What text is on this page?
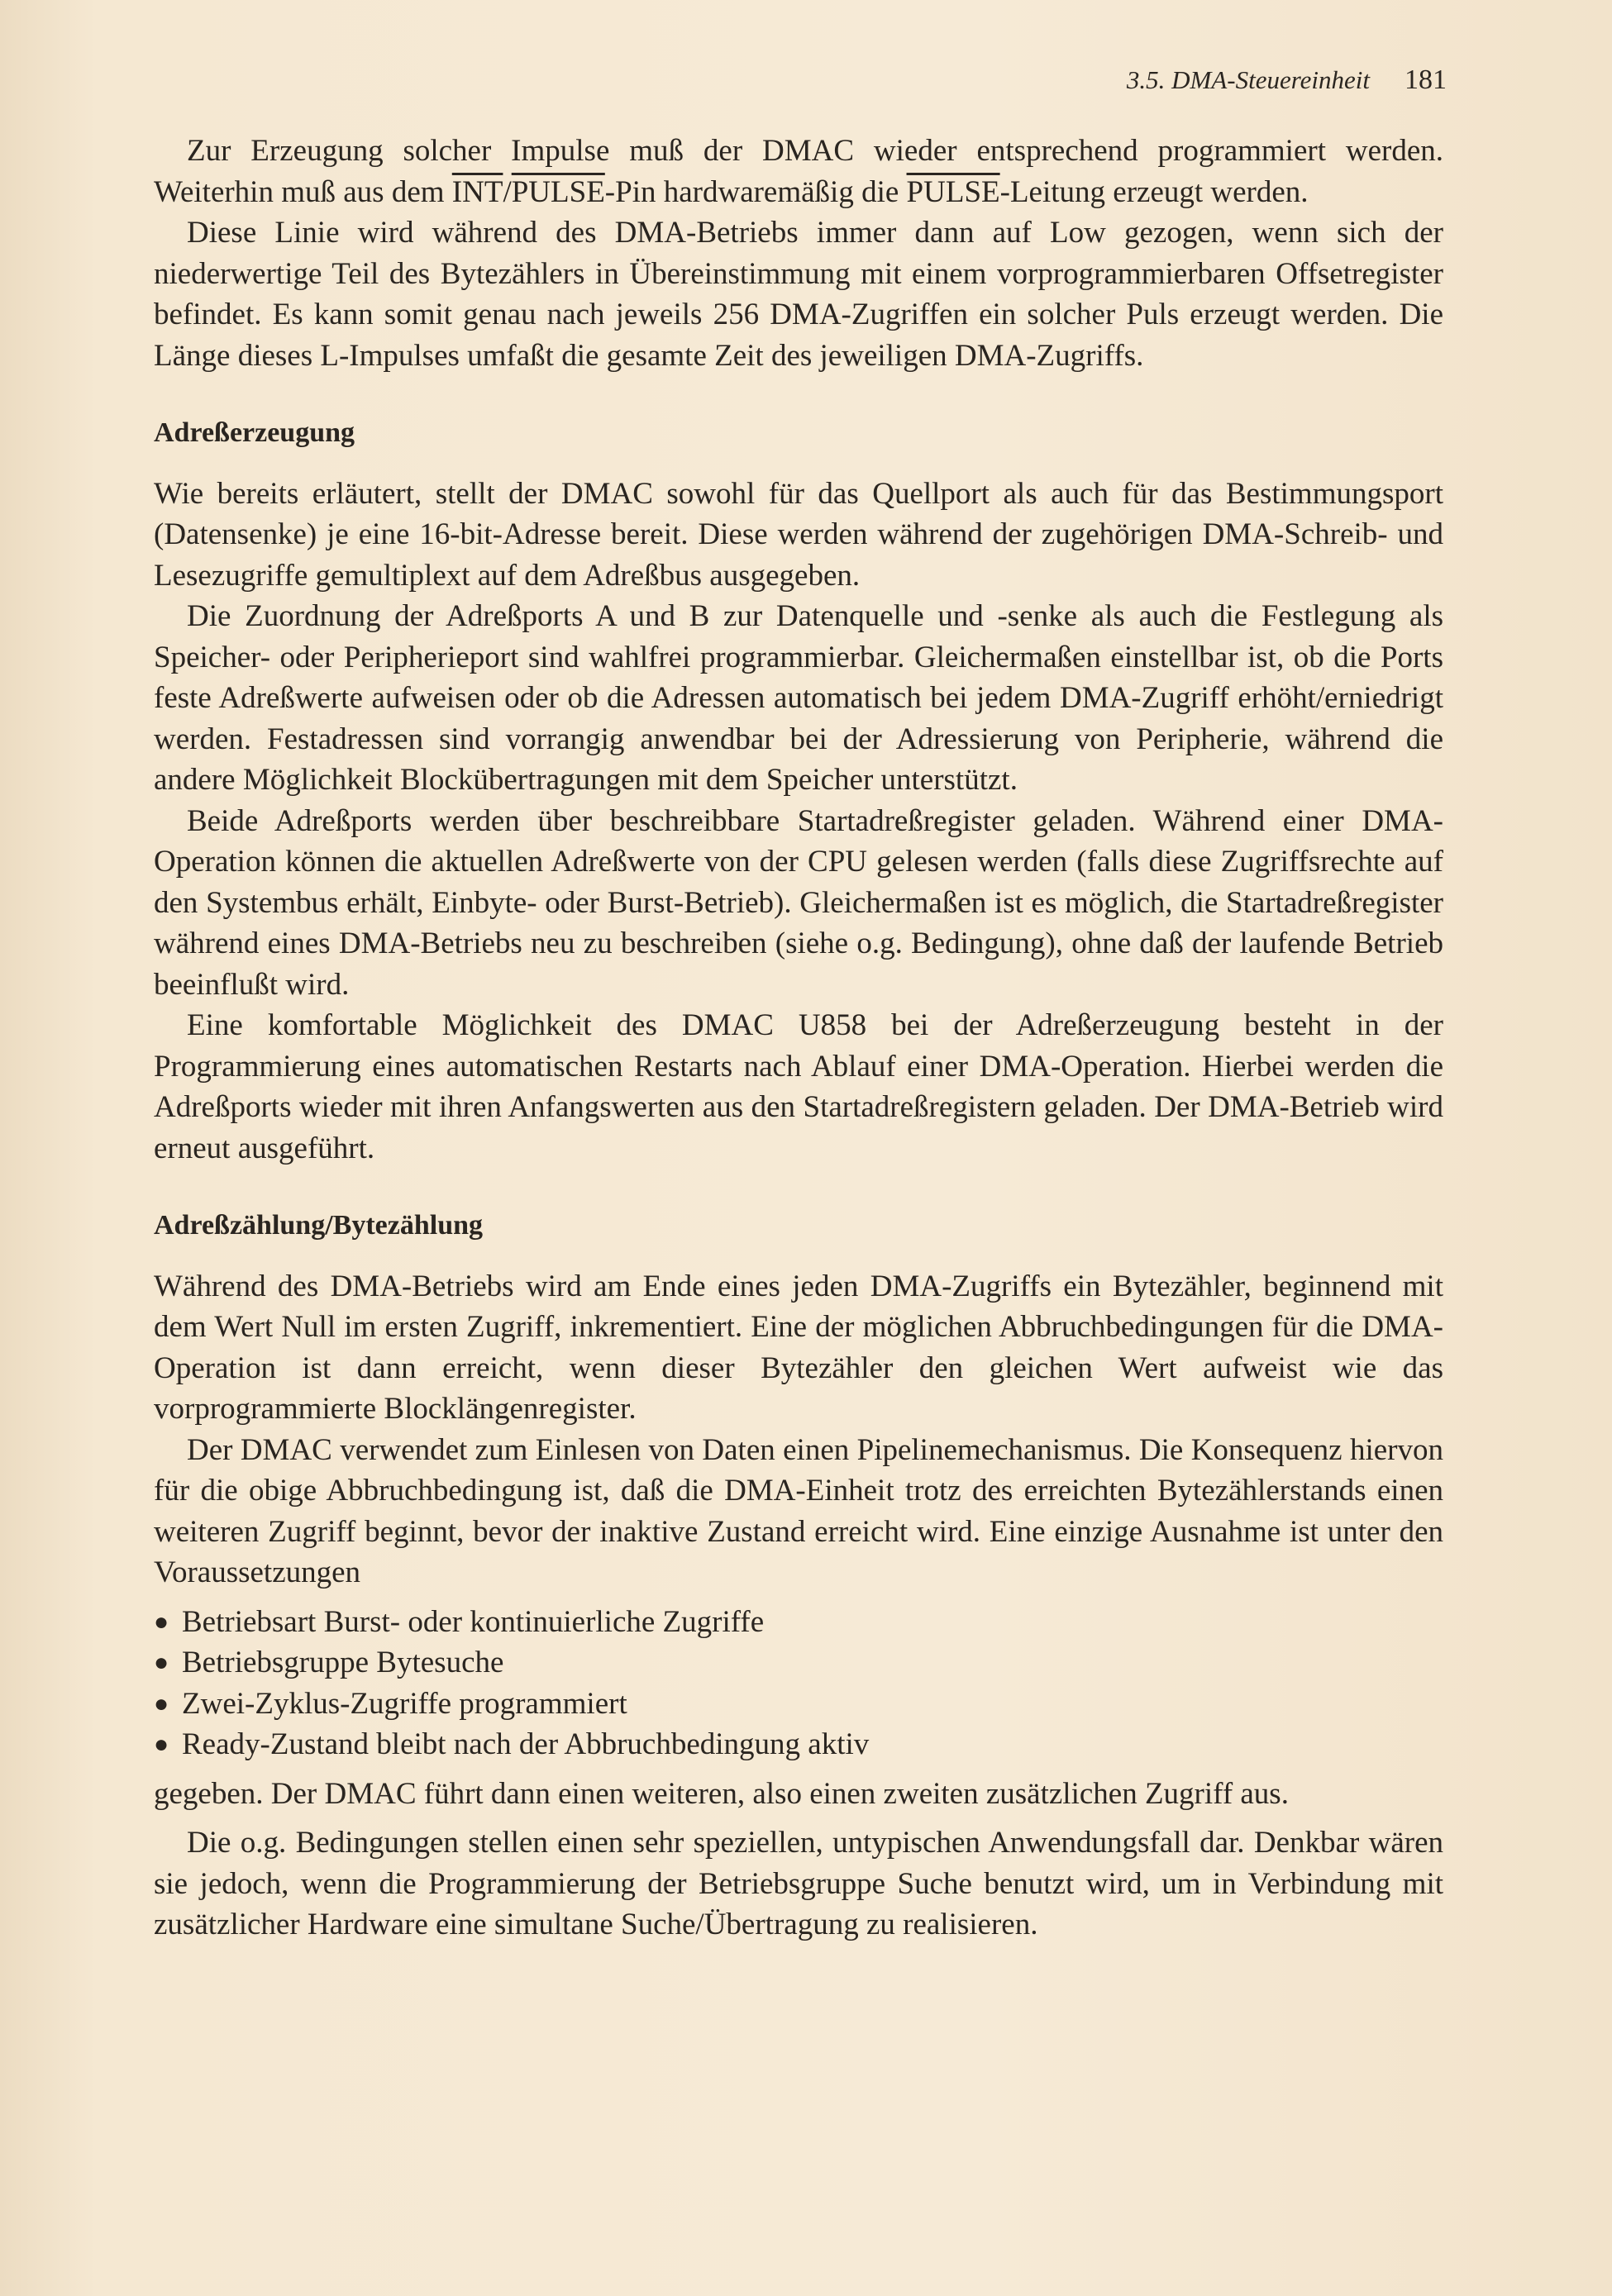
3.5. DMA-Steuereinheit 181

Zur Erzeugung solcher Impulse muß der DMAC wieder entsprechend programmiert werden. Weiterhin muß aus dem $\overline{INT}/PULSE$-Pin hardwaremäßig die PULSE-Leitung erzeugt werden.

Diese Linie wird während des DMA-Betriebs immer dann auf Low gezogen, wenn sich der niederwertige Teil des Bytezählers in Übereinstimmung mit einem vorprogrammierbaren Offsetregister befindet. Es kann somit genau nach jeweils 256 DMA-Zugriffen ein solcher Puls erzeugt werden. Die Länge dieses L-Impulses umfaßt die gesamte Zeit des jeweiligen DMA-Zugriffs.

Adreßerzeugung

Wie bereits erläutert, stellt der DMAC sowohl für das Quellport als auch für das Bestimmungsport (Datensenke) je eine 16-bit-Adresse bereit. Diese werden während der zugehörigen DMA-Schreib- und Lesezugriffe gemultiplext auf dem Adreßbus ausgegeben.

Die Zuordnung der Adreßports A und B zur Datenquelle und -senke als auch die Festlegung als Speicher- oder Peripherieport sind wahlfrei programmierbar. Gleichermaßen einstellbar ist, ob die Ports feste Adreßwerte aufweisen oder ob die Adressen automatisch bei jedem DMA-Zugriff erhöht/erniedrigt werden. Festadressen sind vorrangig anwendbar bei der Adressierung von Peripherie, während die andere Möglichkeit Blockübertragungen mit dem Speicher unterstützt.

Beide Adreßports werden über beschreibbare Startadreßregister geladen. Während einer DMA-Operation können die aktuellen Adreßwerte von der CPU gelesen werden (falls diese Zugriffsrechte auf den Systembus erhält, Einbyte- oder Burst-Betrieb). Gleichermaßen ist es möglich, die Startadreßregister während eines DMA-Betriebs neu zu beschreiben (siehe o.g. Bedingung), ohne daß der laufende Betrieb beeinflußt wird.

Eine komfortable Möglichkeit des DMAC U858 bei der Adreßerzeugung besteht in der Programmierung eines automatischen Restarts nach Ablauf einer DMA-Operation. Hierbei werden die Adreßports wieder mit ihren Anfangswerten aus den Startadreßregistern geladen. Der DMA-Betrieb wird erneut ausgeführt.

Adreßzählung/Bytezählung

Während des DMA-Betriebs wird am Ende eines jeden DMA-Zugriffs ein Bytezähler, beginnend mit dem Wert Null im ersten Zugriff, inkrementiert. Eine der möglichen Abbruchbedingungen für die DMA-Operation ist dann erreicht, wenn dieser Bytezähler den gleichen Wert aufweist wie das vorprogrammierte Blocklängenregister.

Der DMAC verwendet zum Einlesen von Daten einen Pipelinemechanismus. Die Konsequenz hiervon für die obige Abbruchbedingung ist, daß die DMA-Einheit trotz des erreichten Bytezählerstands einen weiteren Zugriff beginnt, bevor der inaktive Zustand erreicht wird. Eine einzige Ausnahme ist unter den Voraussetzungen

● Betriebsart Burst- oder kontinuierliche Zugriffe
● Betriebsgruppe Bytesuche
● Zwei-Zyklus-Zugriffe programmiert
● Ready-Zustand bleibt nach der Abbruchbedingung aktiv

gegeben. Der DMAC führt dann einen weiteren, also einen zweiten zusätzlichen Zugriff aus.

Die o.g. Bedingungen stellen einen sehr speziellen, untypischen Anwendungsfall dar. Denkbar wären sie jedoch, wenn die Programmierung der Betriebsgruppe Suche benutzt wird, um in Verbindung mit zusätzlicher Hardware eine simultane Suche/Übertragung zu realisieren.
